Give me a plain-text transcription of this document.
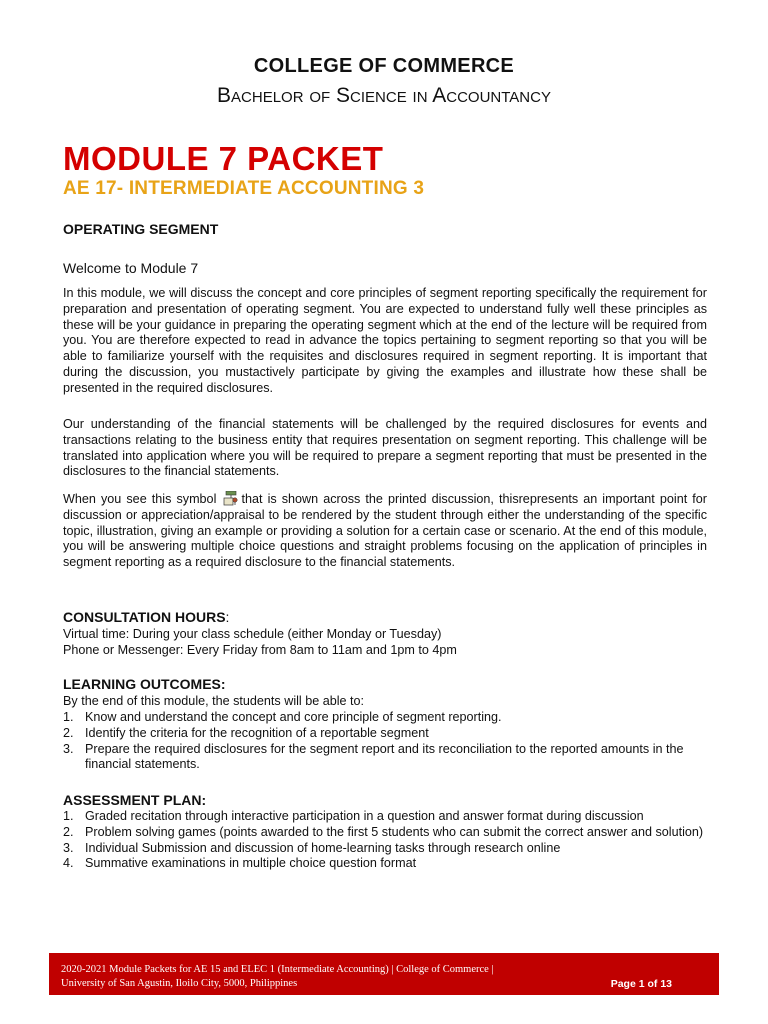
COLLEGE OF COMMERCE
Bachelor of Science in Accountancy
MODULE 7 PACKET
AE 17- INTERMEDIATE ACCOUNTING 3
OPERATING SEGMENT
Welcome to Module 7
In this module, we will discuss the concept and core principles of segment reporting specifically the requirement for preparation and presentation of operating segment. You are expected to understand fully well these principles as these will be your guidance in preparing the operating segment which at the end of the lecture will be required from you. You are therefore expected to read in advance the topics pertaining to segment reporting so that you will be able to familiarize yourself with the requisites and disclosures required in segment reporting. It is important that during the discussion, you mustactively participate by giving the examples and illustrate how these shall be presented in the required disclosures.
Our understanding of the financial statements will be challenged by the required disclosures for events and transactions relating to the business entity that requires presentation on segment reporting. This challenge will be translated into application where you will be required to prepare a segment reporting that must be presented in the disclosures to the financial statements.
When you see this symbol that is shown across the printed discussion, thisrepresents an important point for discussion or appreciation/appraisal to be rendered by the student through either the understanding of the specific topic, illustration, giving an example or providing a solution for a certain case or scenario. At the end of this module, you will be answering multiple choice questions and straight problems focusing on the application of principles in segment reporting as a required disclosure to the financial statements.
CONSULTATION HOURS:
Virtual time: During your class schedule (either Monday or Tuesday)
Phone or Messenger: Every Friday from 8am to 11am and 1pm to 4pm
LEARNING OUTCOMES:
By the end of this module, the students will be able to:
1. Know and understand the concept and core principle of segment reporting.
2. Identify the criteria for the recognition of a reportable segment
3. Prepare the required disclosures for the segment report and its reconciliation to the reported amounts in the financial statements.
ASSESSMENT PLAN:
1. Graded recitation through interactive participation in a question and answer format during discussion
2. Problem solving games (points awarded to the first 5 students who can submit the correct answer and solution)
3. Individual Submission and discussion of home-learning tasks through research online
4. Summative examinations in multiple choice question format
2020-2021 Module Packets for AE 15 and ELEC 1 (Intermediate Accounting) | College of Commerce |
University of San Agustin, Iloilo City, 5000, Philippines	Page 1 of 13
